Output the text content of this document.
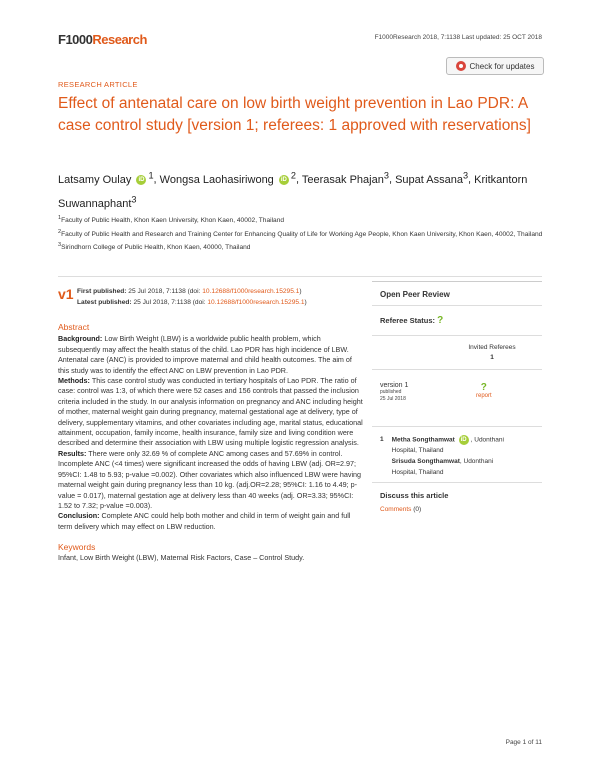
F1000Research	F1000Research 2018, 7:1138 Last updated: 25 OCT 2018
Check for updates
RESEARCH ARTICLE
Effect of antenatal care on low birth weight prevention in Lao PDR: A case control study [version 1; referees: 1 approved with reservations]
Latsamy Oulay iD $^1$, Wongsa Laohasiriwong iD $^2$, Teerasak Phajan$^3$, Supat Assana$^3$, Kritkantorn Suwannaphant$^3$
$^1$Faculty of Public Health, Khon Kaen University, Khon Kaen, 40002, Thailand
$^2$Faculty of Public Health and Research and Training Center for Enhancing Quality of Life for Working Age People, Khon Kaen University, Khon Kaen, 40002, Thailand
$^3$Sirindhorn College of Public Health, Khon Kaen, 40000, Thailand
v1 First published: 25 Jul 2018, 7:1138 (doi: 10.12688/f1000research.15295.1)
Latest published: 25 Jul 2018, 7:1138 (doi: 10.12688/f1000research.15295.1)
Abstract

Background: Low Birth Weight (LBW) is a worldwide public health problem, which subsequently may affect the health status of the child. Lao PDR has high incidence of LBW. Antenatal care (ANC) is provided to improve maternal and child health outcomes. The aim of this study was to identify the effect ANC on LBW prevention in Lao PDR.

Methods: This case control study was conducted in tertiary hospitals of Lao PDR. The ratio of case: control was 1:3, of which there were 52 cases and 156 controls that passed the inclusion criteria included in the study. In our analysis information on pregnancy and ANC including height of mother, maternal weight gain during pregnancy, maternal gestational age at delivery, type of delivery, supplementary vitamins, and other covariates including age, marital status, educational attainment, occupation, family income, health insurance, family size and living condition were described and determine their association with LBW using multiple logistic regression analysis.

Results: There were only 32.69 % of complete ANC among cases and 57.69% in control. Incomplete ANC (<4 times) were significant increased the odds of having LBW (adj. OR=2.97; 95%CI: 1.48 to 5.93; p-value =0.002). Other covariates which also influenced LBW were having maternal weight gain during pregnancy less than 10 kg. (adj.OR=2.28; 95%CI: 1.16 to 4.49; p-value = 0.017), maternal gestation age at delivery less than 40 weeks (adj. OR=3.33; 95%CI: 1.52 to 7.32; p-value =0.003).

Conclusion: Complete ANC could help both mother and child in term of weight gain and full term delivery which may effect on LBW reduction.

Keywords

Infant, Low Birth Weight (LBW), Maternal Risk Factors, Case – Control Study.

Open Peer Review
Referee Status: ?
Invited Referees
1
version 1
published
25 Jul 2018
?
report
1 Metha Songthamwat iD , Udonthani
Hospital, Thailand
Srisuda Songthamwat, Udonthani
Hospital, Thailand
Discuss this article
Comments (0)
Page 1 of 11
